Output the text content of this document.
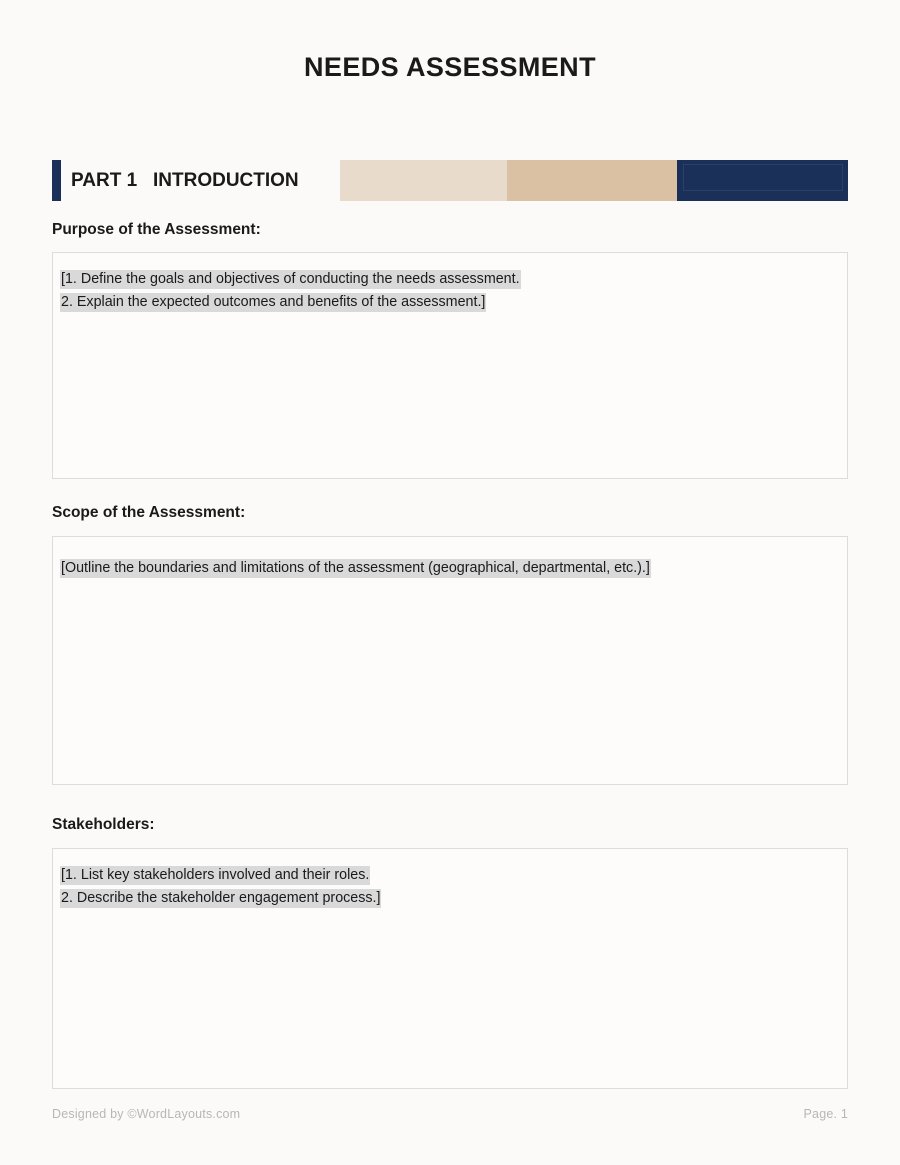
NEEDS ASSESSMENT
PART 1   INTRODUCTION
Purpose of the Assessment:

[1. Define the goals and objectives of conducting the needs assessment.

2. Explain the expected outcomes and benefits of the assessment.]

Scope of the Assessment:

[Outline the boundaries and limitations of the assessment (geographical, departmental, etc.).]

Stakeholders:

[1. List key stakeholders involved and their roles.

2. Describe the stakeholder engagement process.]

Designed by ©WordLayouts.com	Page. 1
